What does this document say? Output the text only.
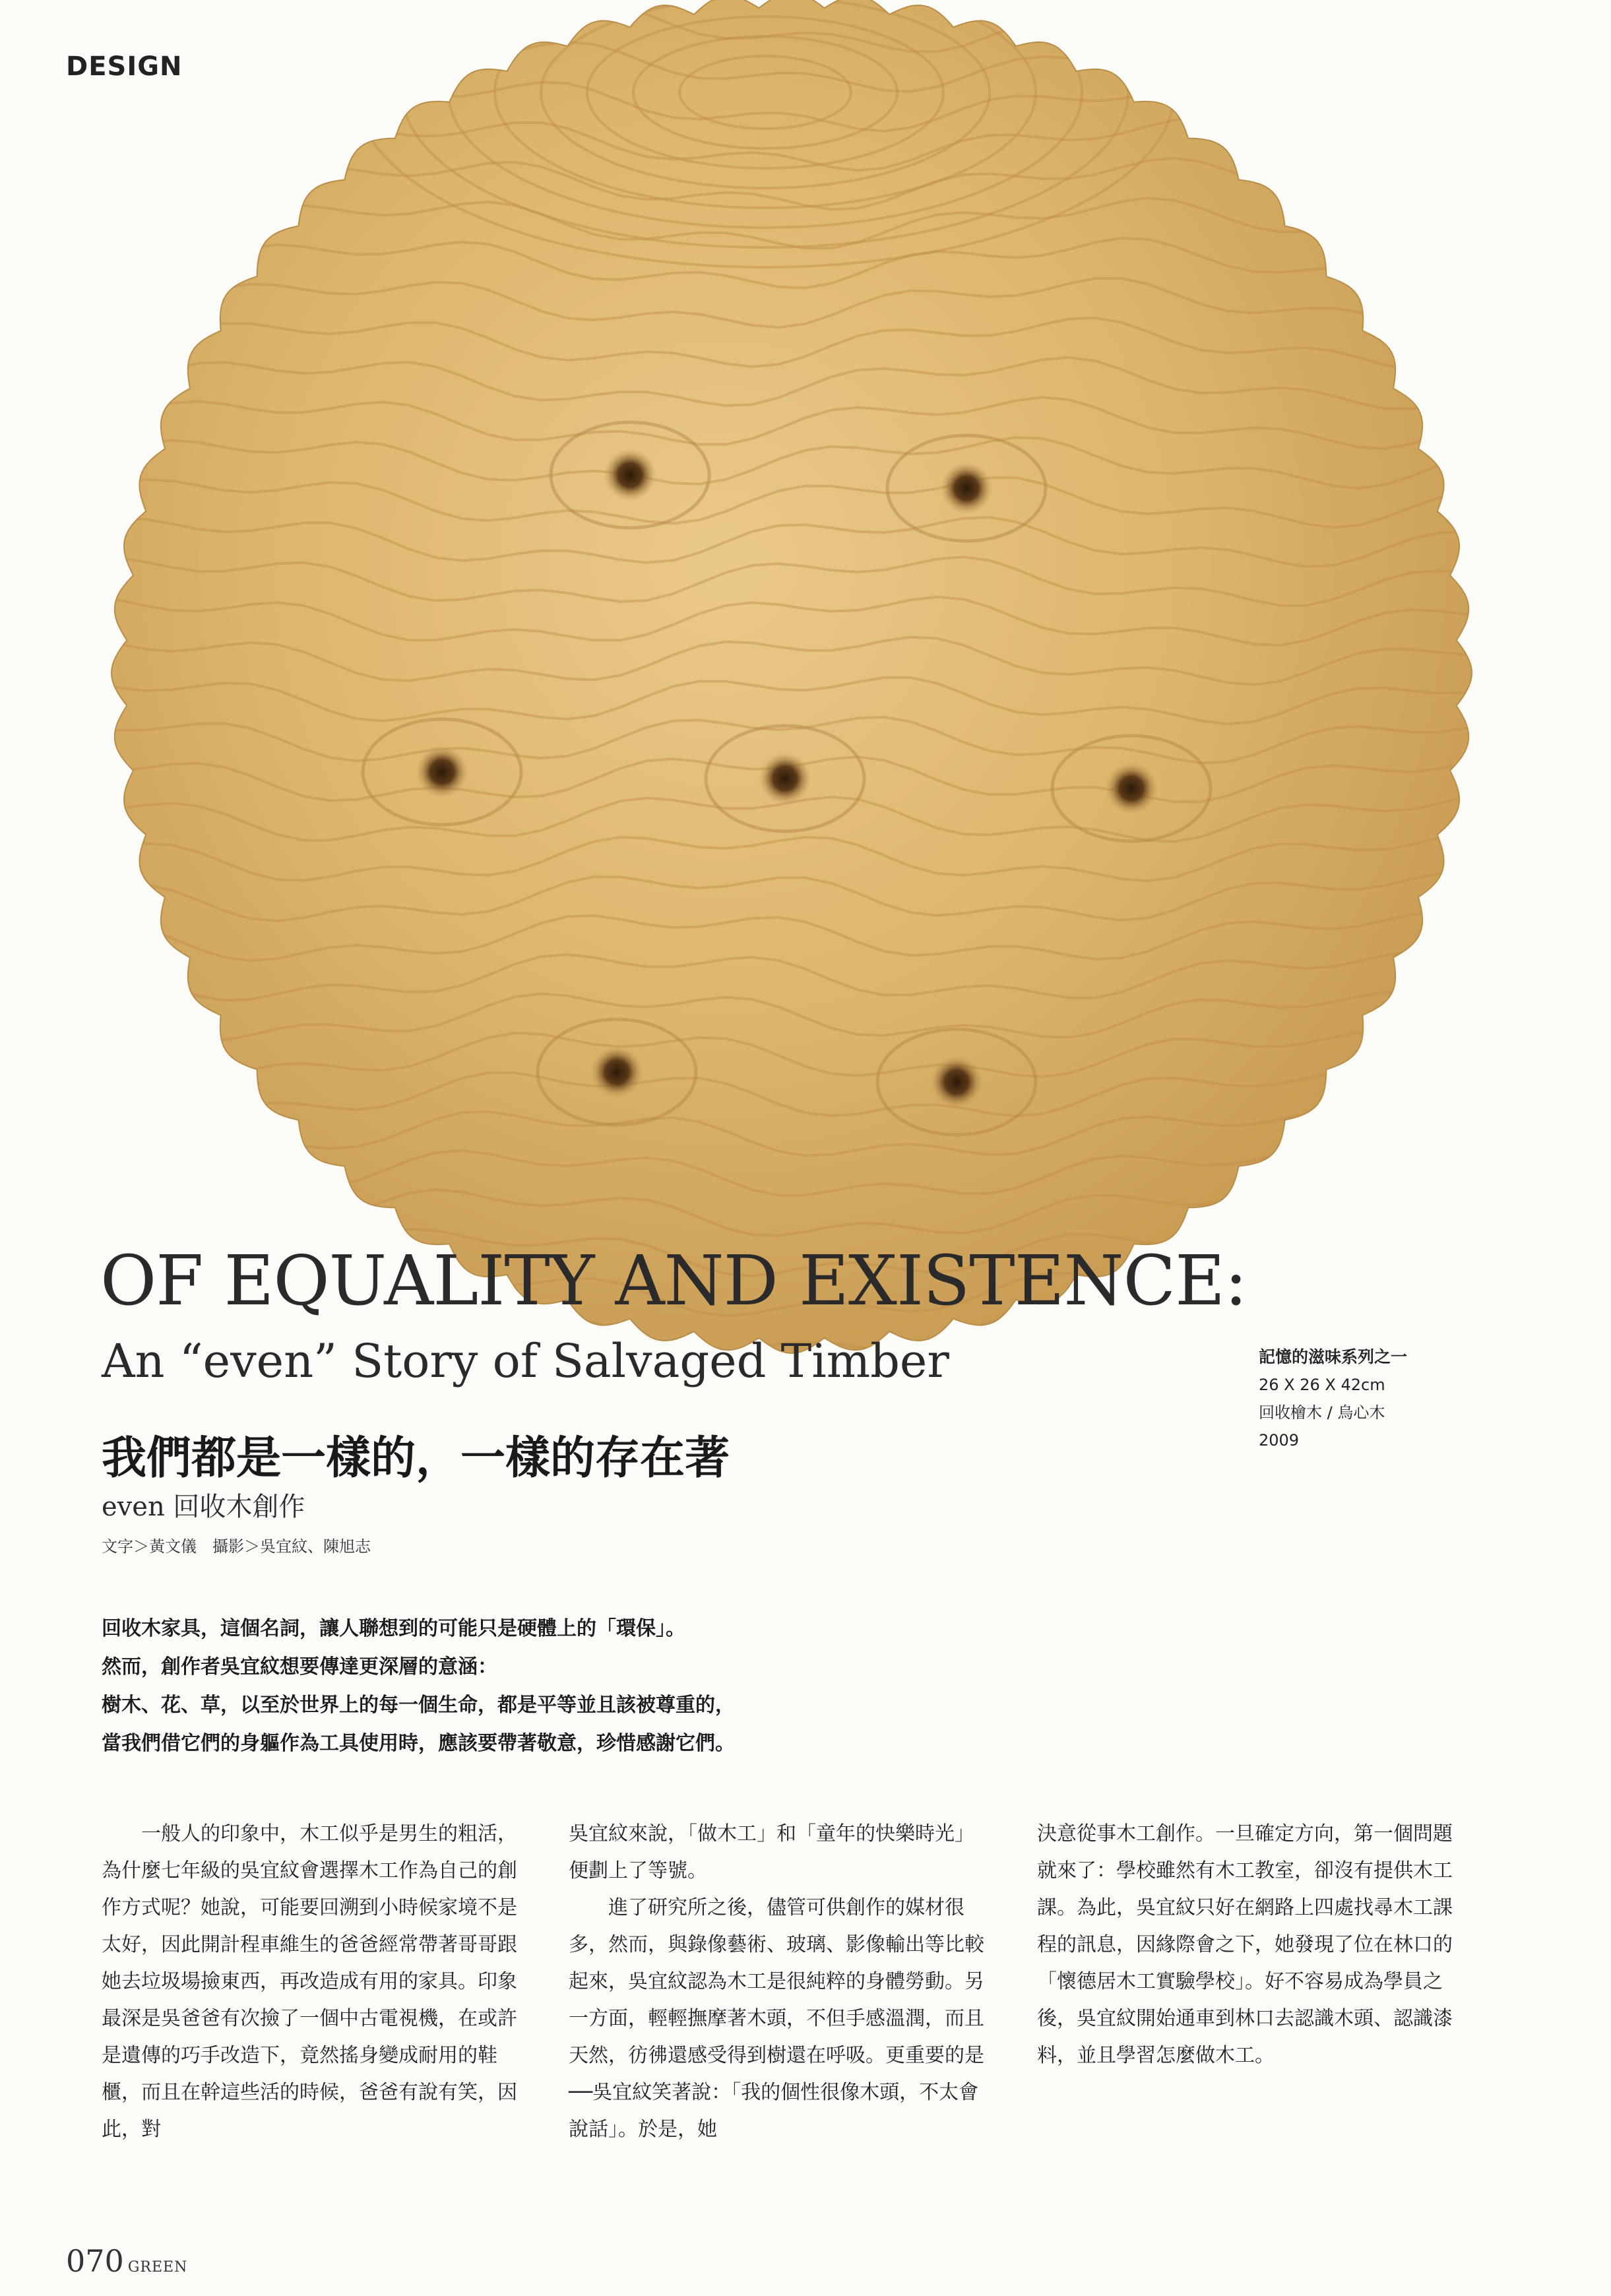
DESIGN
OF EQUALITY AND EXISTENCE:
An “even” Story of Salvaged Timber
我們都是一樣的，一樣的存在著
even 回收木創作
文字＞黃文儀　攝影＞吳宜紋、陳旭志
記憶的滋味系列之一
26 X 26 X 42cm
回收檜木 / 烏心木
2009

回收木家具，這個名詞，讓人聯想到的可能只是硬體上的「環保」。

然而，創作者吳宜紋想要傳達更深層的意涵：

樹木、花、草，以至於世界上的每一個生命，都是平等並且該被尊重的，

當我們借它們的身軀作為工具使用時，應該要帶著敬意，珍惜感謝它們。

一般人的印象中，木工似乎是男生的粗活，為什麼七年級的吳宜紋會選擇木工作為自己的創作方式呢？她說，可能要回溯到小時候家境不是太好，因此開計程車維生的爸爸經常帶著哥哥跟她去垃圾場撿東西，再改造成有用的家具。印象最深是吳爸爸有次撿了一個中古電視機，在或許是遺傳的巧手改造下，竟然搖身變成耐用的鞋櫃，而且在幹這些活的時候，爸爸有說有笑，因此，對

吳宜紋來說，「做木工」和「童年的快樂時光」便劃上了等號。

進了研究所之後，儘管可供創作的媒材很多，然而，與錄像藝術、玻璃、影像輸出等比較起來，吳宜紋認為木工是很純粹的身體勞動。另一方面，輕輕撫摩著木頭，不但手感溫潤，而且天然，彷彿還感受得到樹還在呼吸。更重要的是──吳宜紋笑著說：「我的個性很像木頭，不太會說話」。於是，她

決意從事木工創作。一旦確定方向，第一個問題就來了：學校雖然有木工教室，卻沒有提供木工課。為此，吳宜紋只好在網路上四處找尋木工課程的訊息，因緣際會之下，她發現了位在林口的「懷德居木工實驗學校」。好不容易成為學員之後，吳宜紋開始通車到林口去認識木頭、認識漆料，並且學習怎麼做木工。

070 GREEN
